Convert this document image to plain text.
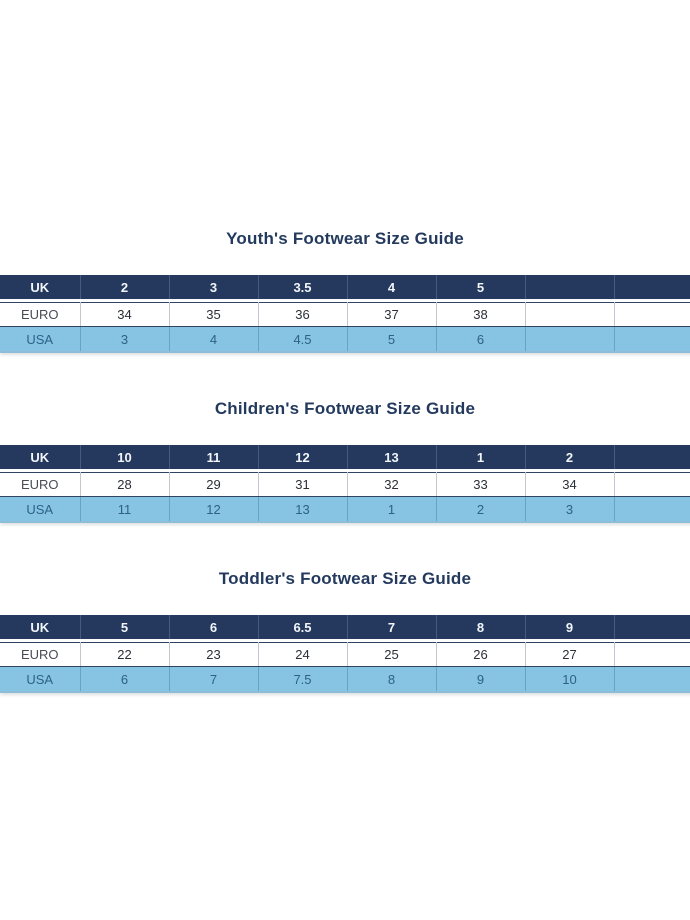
Youth's Footwear Size Guide
UK	2	3	3.5	4	5		

EURO	34	35	36	37	38		
USA	3	4	4.5	5	6		
Children's Footwear Size Guide
UK	10	11	12	13	1	2	

EURO	28	29	31	32	33	34	
USA	11	12	13	1	2	3	
Toddler's Footwear Size Guide
UK	5	6	6.5	7	8	9	

EURO	22	23	24	25	26	27	
USA	6	7	7.5	8	9	10	
